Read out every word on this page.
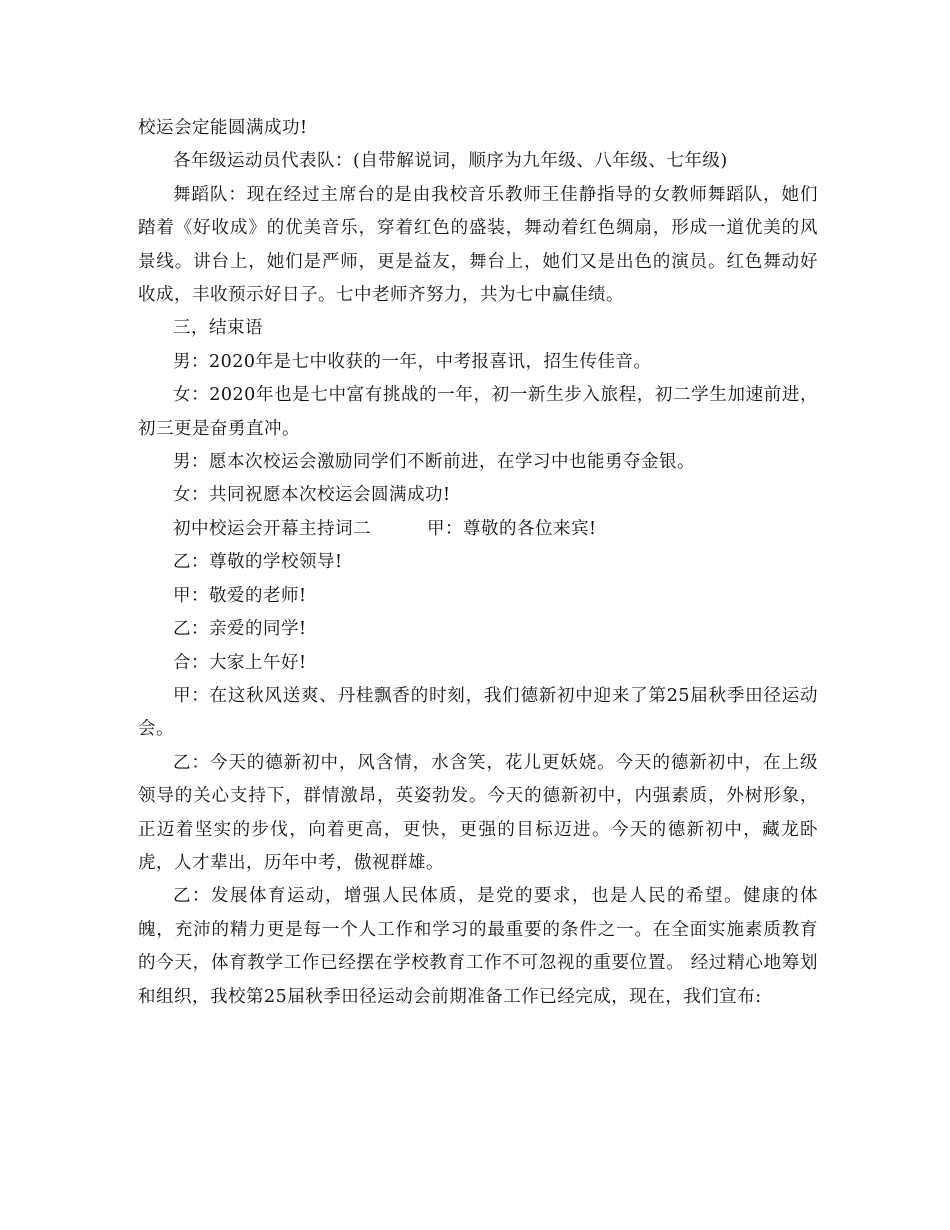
校运会定能圆满成功!

各年级运动员代表队：(自带解说词，顺序为九年级、八年级、七年级)

舞蹈队：现在经过主席台的是由我校音乐教师王佳静指导的女教师舞蹈队，她们踏着《好收成》的优美音乐，穿着红色的盛装，舞动着红色绸扇，形成一道优美的风景线。讲台上，她们是严师，更是益友，舞台上，她们又是出色的演员。红色舞动好收成，丰收预示好日子。七中老师齐努力，共为七中赢佳绩。

三，结束语

男：2020年是七中收获的一年，中考报喜讯，招生传佳音。

女：2020年也是七中富有挑战的一年，初一新生步入旅程，初二学生加速前进，初三更是奋勇直冲。

男：愿本次校运会激励同学们不断前进，在学习中也能勇夺金银。

女：共同祝愿本次校运会圆满成功!

初中校运会开幕主持词二	甲：尊敬的各位来宾!

乙：尊敬的学校领导!

甲：敬爱的老师!

乙：亲爱的同学!

合：大家上午好!

甲：在这秋风送爽、丹桂飘香的时刻，我们德新初中迎来了第25届秋季田径运动会。

乙：今天的德新初中，风含情，水含笑，花儿更妖娆。今天的德新初中，在上级领导的关心支持下，群情激昂，英姿勃发。今天的德新初中，内强素质，外树形象，正迈着坚实的步伐，向着更高，更快，更强的目标迈进。今天的德新初中，藏龙卧虎，人才辈出，历年中考，傲视群雄。

乙：发展体育运动，增强人民体质，是党的要求，也是人民的希望。健康的体魄，充沛的精力更是每一个人工作和学习的最重要的条件之一。在全面实施素质教育的今天，体育教学工作已经摆在学校教育工作不可忽视的重要位置。 经过精心地筹划和组织，我校第25届秋季田径运动会前期准备工作已经完成，现在，我们宣布:
